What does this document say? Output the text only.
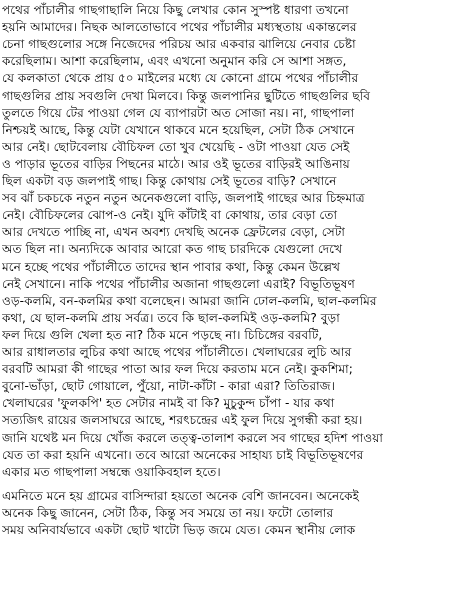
পথের পাঁচালীর গাছগাছালি নিয়ে কিছু লেখার কোন সুস্পষ্ট ধারণা তখনো
হয়নি আমাদের। নিছক আলতোভাবে পথের পাঁচালীর মধ্যস্থতায় একান্তলের
চেনা গাছগুলোর সঙ্গে নিজেদের পরিচয় আর একবার ঝালিয়ে নেবার চেষ্টা
করেছিলাম। আশা করেছিলাম, এবং এখনো অনুমান করি সে আশা সঙ্গত,
যে কলকাতা থেকে প্রায় ৫০ মাইলের মধ্যে যে কোনো গ্রামে পথের পাঁচালীর
গাছগুলির প্রায় সবগুলি দেখা মিলবে। কিন্তু জলপানির ছুটিতে গাছগুলির ছবি
তুলতে গিয়ে টের পাওয়া গেল যে ব্যাপারটা অত সোজা নয়। না, গাছপালা
নিশ্চয়ই আছে, কিন্তু যেটা যেখানে থাকবে মনে হয়েছিল, সেটা ঠিক সেখানে
আর নেই। ছোটবেলায় বৌচিফল তো খুব খেয়েছি - ওটা পাওয়া যেত সেই
ও পাড়ার ভূতের বাড়ির পিছনের মাঠে। আর ওই ভূতের বাড়িরই আঙিনায়
ছিল একটা বড় জলপাই গাছ। কিন্তু কোথায় সেই ভূতের বাড়ি? সেখানে
সব ঝাঁ চকচকে নতুন নতুন অনেকগুলো বাড়ি, জলপাই গাছের আর চিহ্নমাত্র
নেই। বৌচিফলের ঝোপ-ও নেই। যুদি কাঁটাই বা কোথায়, তার বেড়া তো
আর দেখতে পাচ্ছি না, এখন অবশ্য দেখছি অনেক ফ্রেটলের বেড়া, সেটা
অত ছিল না। অন্যদিকে আবার আরো কত গাছ চারদিকে যেগুলো দেখে
মনে হচ্ছে পথের পাঁচালীতে তাদের স্থান পাবার কথা, কিন্তু কেমন উল্লেখ
নেই সেখানে। নাকি পথের পাঁচালীর অজানা গাছগুলো এরাই? বিভূতিভূষণ
ওড়-কলমি, বন-কলমির কথা বলেছেন। আমরা জানি ঢোল-কলমি, ছাল-কলমির
কথা, যে ছাল-কলমি প্রায় সর্বত্র। তবে কি ছাল-কলমিই ওড়-কলমি? বুড়া
ফল দিয়ে গুলি খেলা হত না? ঠিক মনে পড়ছে না। চিচিঙ্গের বরবটি,
আর রাধালতার লুচির কথা আছে পথের পাঁচালীতে। খেলাঘরের লুচি আর
বরবটি আমরা কী গাছের পাতা আর ফল দিয়ে করতাম মনে নেই। কুকশিমা;
বুনো-ভাঁড়া, ছোট গোয়ালে, পুঁয়ো, নাটা-কাঁটা - কারা এরা? তিতিরাজ।
খেলাঘরের 'ফুলকপি' হত সেটার নামই বা কি? মুচুকুন্দ চাঁপা - যার কথা
সত্যজিৎ রায়ের জলসাঘরে আছে, শরৎচন্দ্রের এই ফুল দিয়ে সুগন্ধী করা হয়।
জানি যথেষ্ট মন দিয়ে খোঁজ করলে তত্ত্ব-তালাশ করলে সব গাছের হদিশ পাওয়া
যেত তা করা হয়নি এখনো। তবে আরো অনেকের সাহায্য চাই বিভূতিভূষণের
একার মত গাছপালা সম্বন্ধে ওয়াকিবহাল হতে।
এমনিতে মনে হয় গ্রামের বাসিন্দারা হয়তো অনেক বেশি জানবেন। অনেকেই
অনেক কিছু জানেন, সেটা ঠিক, কিন্তু সব সময়ে তা নয়। ফটো তোলার
সময় অনিবার্যভাবে একটা ছোট খাটো ভিড় জমে যেত। কেমন স্থানীয় লোক
